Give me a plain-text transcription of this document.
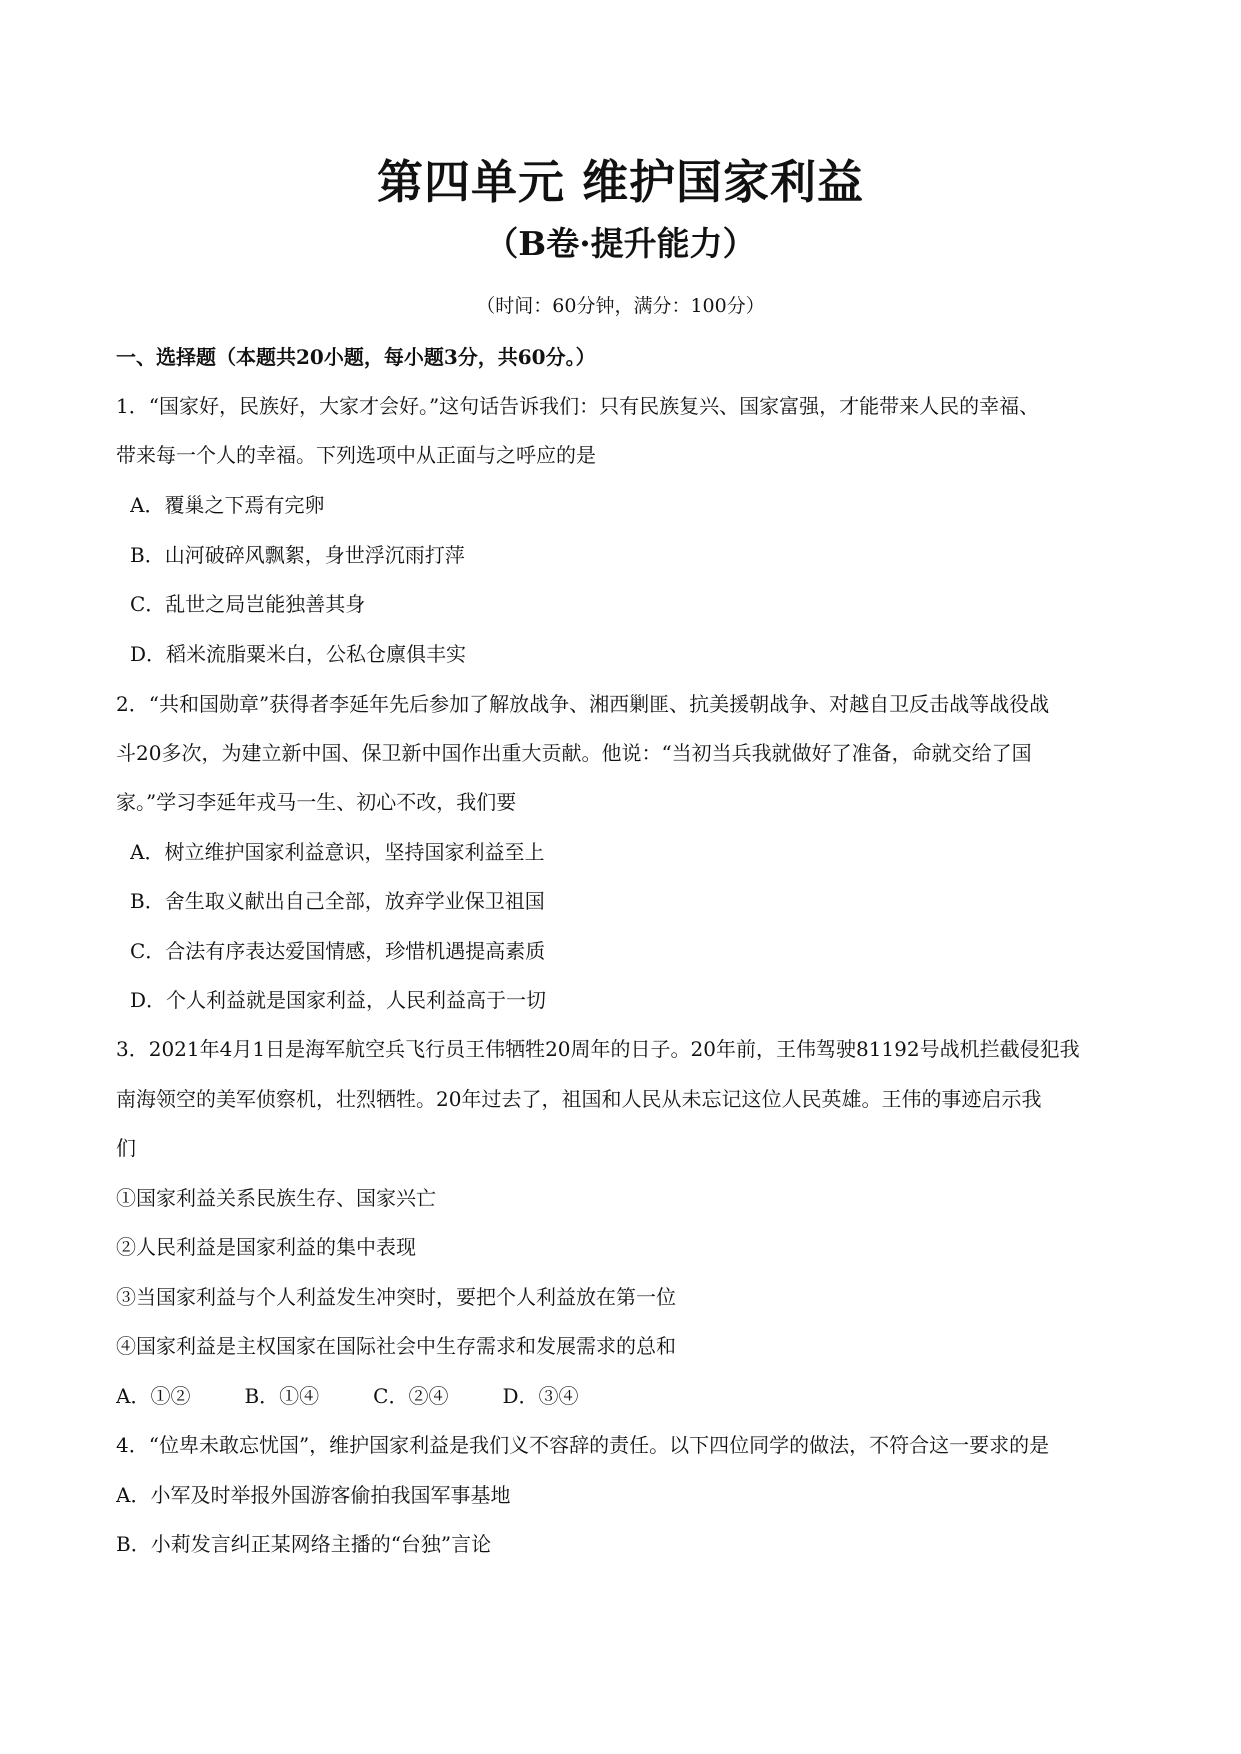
第四单元 维护国家利益
（B卷·提升能力）
（时间：60分钟，满分：100分）
一、选择题（本题共20小题，每小题3分，共60分。）
1．“国家好，民族好，大家才会好。”这句话告诉我们：只有民族复兴、国家富强，才能带来人民的幸福、
带来每一个人的幸福。下列选项中从正面与之呼应的是
A．覆巢之下焉有完卵
B．山河破碎风飘絮，身世浮沉雨打萍
C．乱世之局岂能独善其身
D．稻米流脂粟米白，公私仓廪俱丰实
2．“共和国勋章”获得者李延年先后参加了解放战争、湘西剿匪、抗美援朝战争、对越自卫反击战等战役战
斗20多次，为建立新中国、保卫新中国作出重大贡献。他说：“当初当兵我就做好了准备，命就交给了国
家。”学习李延年戎马一生、初心不改，我们要
A．树立维护国家利益意识，坚持国家利益至上
B．舍生取义献出自己全部，放弃学业保卫祖国
C．合法有序表达爱国情感，珍惜机遇提高素质
D．个人利益就是国家利益，人民利益高于一切
3．2021年4月1日是海军航空兵飞行员王伟牺牲20周年的日子。20年前，王伟驾驶81192号战机拦截侵犯我
南海领空的美军侦察机，壮烈牺牲。20年过去了，祖国和人民从未忘记这位人民英雄。王伟的事迹启示我
们
①国家利益关系民族生存、国家兴亡
②人民利益是国家利益的集中表现
③当国家利益与个人利益发生冲突时，要把个人利益放在第一位
④国家利益是主权国家在国际社会中生存需求和发展需求的总和
A．①②	B．①④	C．②④	D．③④
4．“位卑未敢忘忧国”，维护国家利益是我们义不容辞的责任。以下四位同学的做法，不符合这一要求的是
A．小军及时举报外国游客偷拍我国军事基地
B．小莉发言纠正某网络主播的“台独”言论
